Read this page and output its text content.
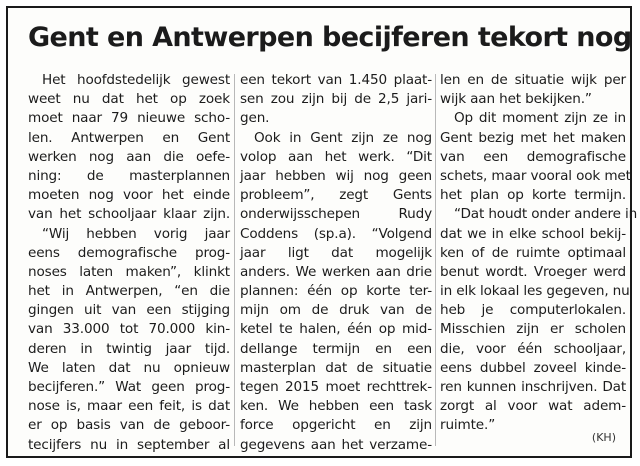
Gent en Antwerpen becijferen tekort nog
Het hoofdstedelijk gewest
weet nu dat het op zoek
moet naar 79 nieuwe scho-
len. Antwerpen en Gent
werken nog aan die oefe-
ning: de masterplannen
moeten nog voor het einde
van het schooljaar klaar zijn.
“Wij hebben vorig jaar
eens demografische prog-
noses laten maken”, klinkt
het in Antwerpen, “en die
gingen uit van een stijging
van 33.000 tot 70.000 kin-
deren in twintig jaar tijd.
We laten dat nu opnieuw
becijferen.” Wat geen prog-
nose is, maar een feit, is dat
er op basis van de geboor-
tecijfers nu in september al
een tekort van 1.450 plaat-
sen zou zijn bij de 2,5 jari-
gen.
Ook in Gent zijn ze nog
volop aan het werk. “Dit
jaar hebben wij nog geen
probleem”, zegt Gents
onderwijsschepen Rudy
Coddens (sp.a). “Volgend
jaar ligt dat mogelijk
anders. We werken aan drie
plannen: één op korte ter-
mijn om de druk van de
ketel te halen, één op mid-
dellange termijn en een
masterplan dat de situatie
tegen 2015 moet rechttrek-
ken. We hebben een task
force opgericht en zijn
gegevens aan het verzame-
len en de situatie wijk per
wijk aan het bekijken.”
Op dit moment zijn ze in
Gent bezig met het maken
van een demografische
schets, maar vooral ook met
het plan op korte termijn.
“Dat houdt onder andere in
dat we in elke school bekij-
ken of de ruimte optimaal
benut wordt. Vroeger werd
in elk lokaal les gegeven, nu
heb je computerlokalen.
Misschien zijn er scholen
die, voor één schooljaar,
eens dubbel zoveel kinde-
ren kunnen inschrijven. Dat
zorgt al voor wat adem-
ruimte.”
(KH)
